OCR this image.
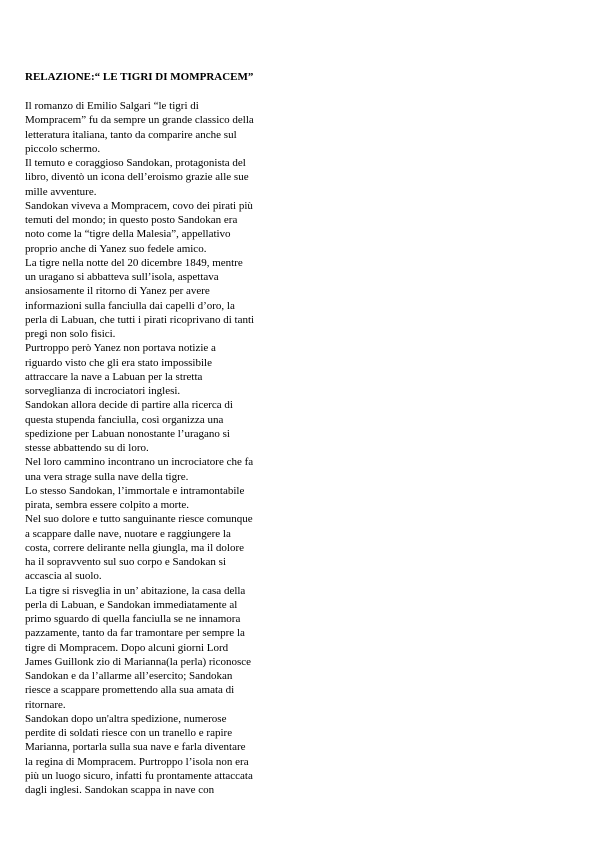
RELAZIONE:“ LE TIGRI DI MOMPRACEM”

Il romanzo di Emilio Salgari “le tigri di

Mompracem” fu da sempre un grande classico della

letteratura italiana, tanto da comparire anche sul

piccolo schermo.

Il temuto e coraggioso Sandokan, protagonista del

libro, diventò un icona dell’eroismo grazie alle sue

mille avventure.

Sandokan viveva a Mompracem, covo dei pirati più

temuti del mondo; in questo posto Sandokan era

noto come la “tigre della Malesia”, appellativo

proprio anche di Yanez suo fedele amico.

La tigre nella notte del 20 dicembre 1849, mentre

un uragano si abbatteva sull’isola, aspettava

ansiosamente il ritorno di Yanez per avere

informazioni sulla fanciulla dai capelli d’oro, la

perla di Labuan, che tutti i pirati ricoprivano di tanti

pregi non solo fisici.

Purtroppo però Yanez non portava notizie a

riguardo visto che gli era stato impossibile

attraccare la nave a Labuan per la stretta

sorveglianza di incrociatori inglesi.

Sandokan allora decide di partire alla ricerca di

questa stupenda fanciulla, così organizza una

spedizione per Labuan nonostante l’uragano si

stesse abbattendo su di loro.

Nel loro cammino incontrano un incrociatore che fa

una vera strage sulla nave della tigre.

Lo stesso Sandokan, l’immortale e intramontabile

pirata, sembra essere colpito a morte.

Nel suo dolore e tutto sanguinante riesce comunque

a scappare dalle nave, nuotare e raggiungere la

costa, correre delirante nella giungla, ma il dolore

ha il sopravvento sul suo corpo e Sandokan si

accascia al suolo.

La tigre si risveglia in un’ abitazione, la casa della

perla di Labuan, e Sandokan immediatamente al

primo sguardo di quella fanciulla se ne innamora

pazzamente, tanto da far tramontare per sempre la

tigre di Mompracem. Dopo alcuni giorni Lord

James Guillonk zio di Marianna(la perla) riconosce

Sandokan e da l’allarme all’esercito; Sandokan

riesce a scappare promettendo alla sua amata di

ritornare.

Sandokan dopo un'altra spedizione, numerose

perdite di soldati riesce con un tranello e rapire

Marianna, portarla sulla sua nave e farla diventare

la regina di Mompracem. Purtroppo l’isola non era

più un luogo sicuro, infatti fu prontamente attaccata

dagli inglesi. Sandokan scappa in nave con
